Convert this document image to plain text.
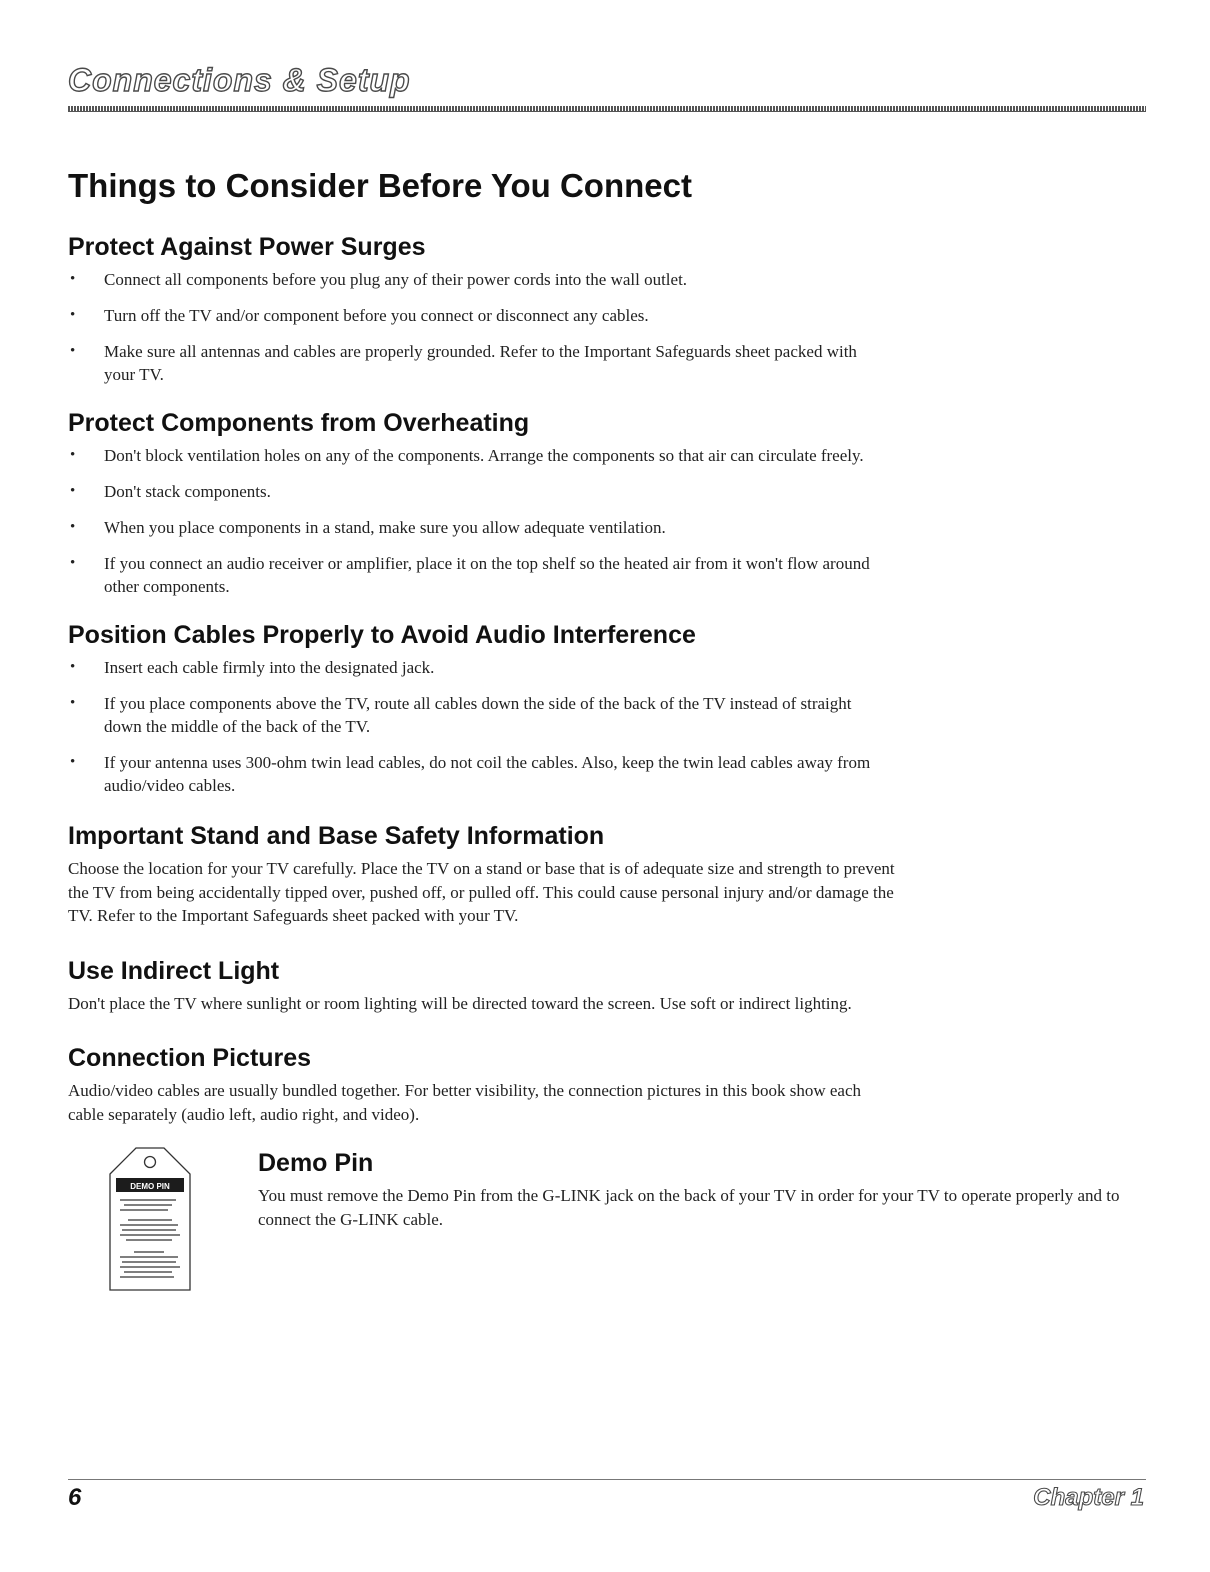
Connections & Setup
Things to Consider Before You Connect
Protect Against Power Surges
• Connect all components before you plug any of their power cords into the wall outlet.
• Turn off the TV and/or component before you connect or disconnect any cables.
• Make sure all antennas and cables are properly grounded. Refer to the Important Safeguards sheet packed with your TV.
Protect Components from Overheating
• Don't block ventilation holes on any of the components. Arrange the components so that air can circulate freely.
• Don't stack components.
• When you place components in a stand, make sure you allow adequate ventilation.
• If you connect an audio receiver or amplifier, place it on the top shelf so the heated air from it won't flow around other components.
Position Cables Properly to Avoid Audio Interference
• Insert each cable firmly into the designated jack.
• If you place components above the TV, route all cables down the side of the back of the TV instead of straight down the middle of the back of the TV.
• If your antenna uses 300-ohm twin lead cables, do not coil the cables. Also, keep the twin lead cables away from audio/video cables.
Important Stand and Base Safety Information

Choose the location for your TV carefully. Place the TV on a stand or base that is of adequate size and strength to prevent the TV from being accidentally tipped over, pushed off, or pulled off. This could cause personal injury and/or damage the TV. Refer to the Important Safeguards sheet packed with your TV.

Use Indirect Light

Don't place the TV where sunlight or room lighting will be directed toward the screen. Use soft or indirect lighting.

Connection Pictures

Audio/video cables are usually bundled together. For better visibility, the connection pictures in this book show each cable separately (audio left, audio right, and video).

DEMO PIN
Demo Pin

You must remove the Demo Pin from the G-LINK jack on the back of your TV in order for your TV to operate properly and to connect the G-LINK cable.

6	Chapter 1
